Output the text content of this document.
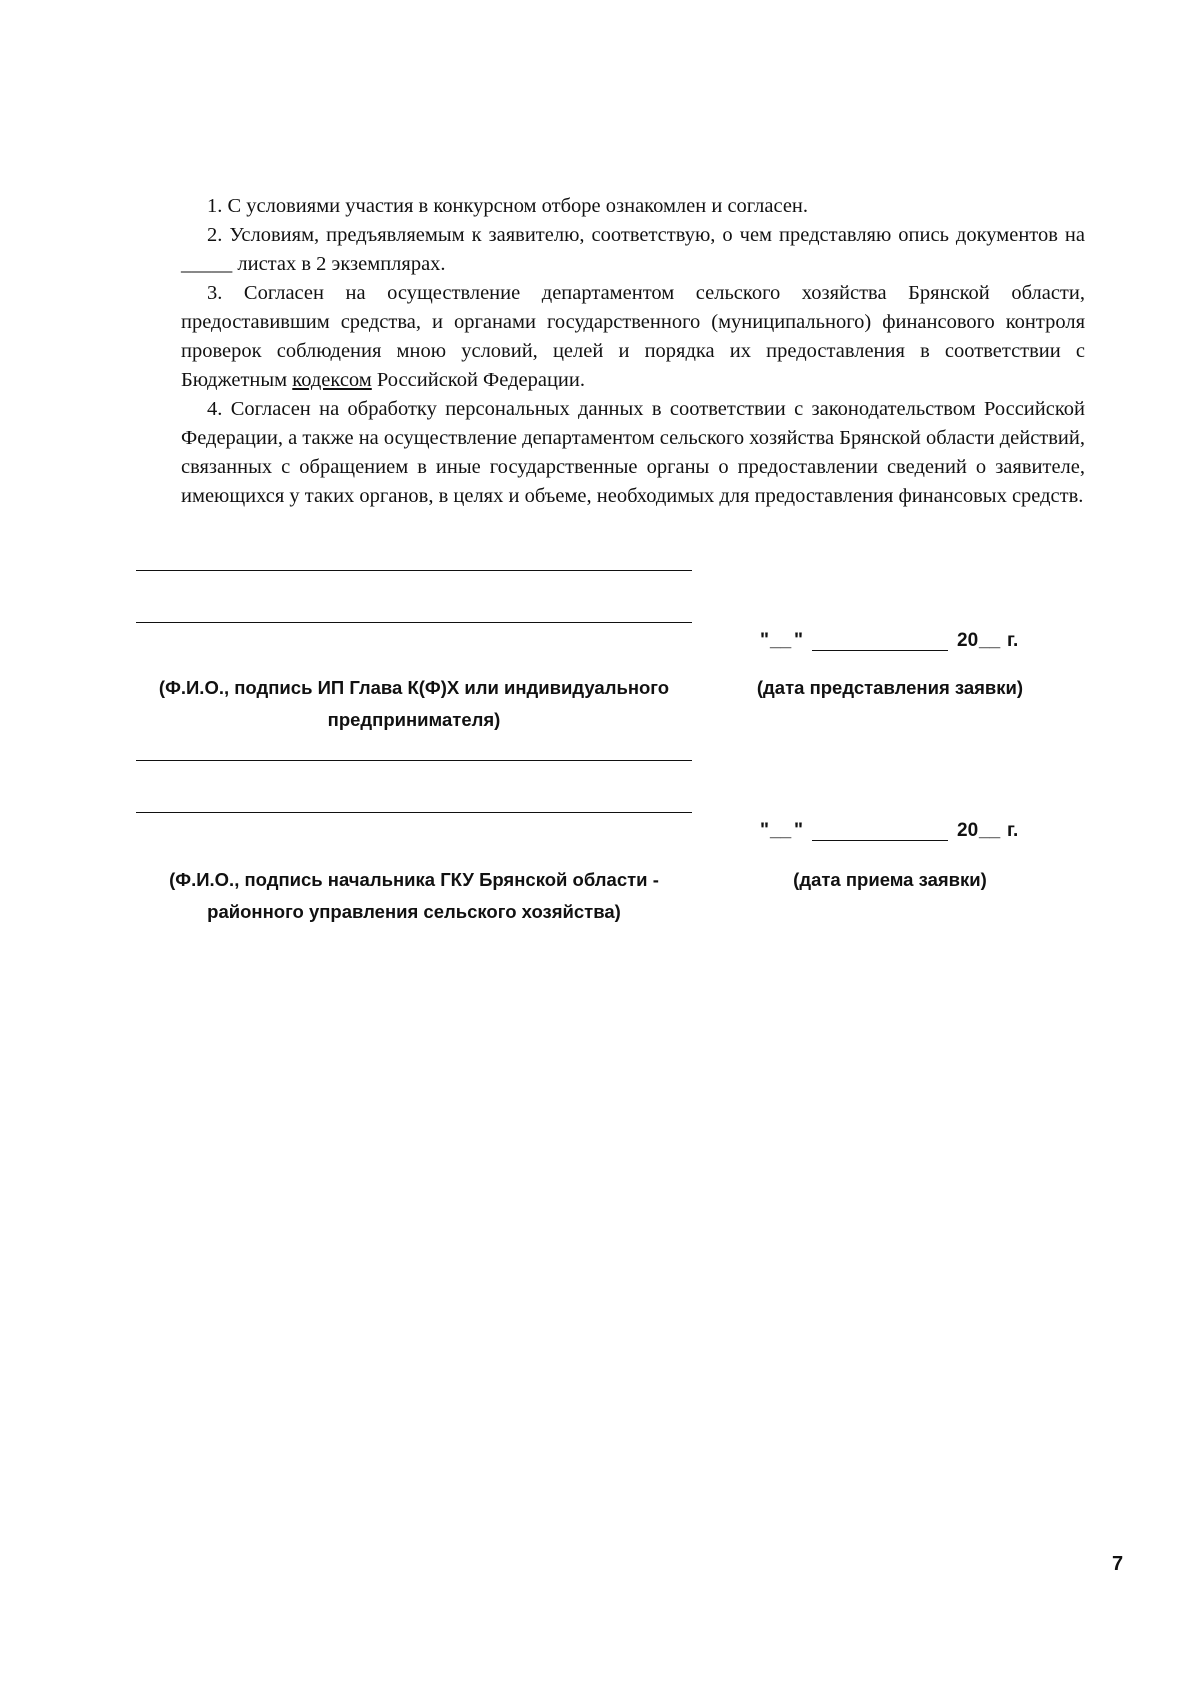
1. С условиями участия в конкурсном отборе ознакомлен и согласен.

2. Условиям, предъявляемым к заявителю, соответствую, о чем представляю опись документов на _____ листах в 2 экземплярах.

3. Согласен на осуществление департаментом сельского хозяйства Брянской области, предоставившим средства, и органами государственного (муниципального) финансового контроля проверок соблюдения мною условий, целей и порядка их предоставления в соответствии с Бюджетным кодексом Российской Федерации.

4. Согласен на обработку персональных данных в соответствии с законодательством Российской Федерации, а также на осуществление департаментом сельского хозяйства Брянской области действий, связанных с обращением в иные государственные органы о предоставлении сведений о заявителе, имеющихся у таких органов, в целях и объеме, необходимых для предоставления финансовых средств.

(Ф.И.О., подпись ИП Глава К(Ф)Х или индивидуального
предпринимателя)
" __ "	20 __ г.
(дата представления заявки)
(Ф.И.О., подпись начальника ГКУ Брянской области -
районного управления сельского хозяйства)
" __ "	20 __ г.
(дата приема заявки)
7
